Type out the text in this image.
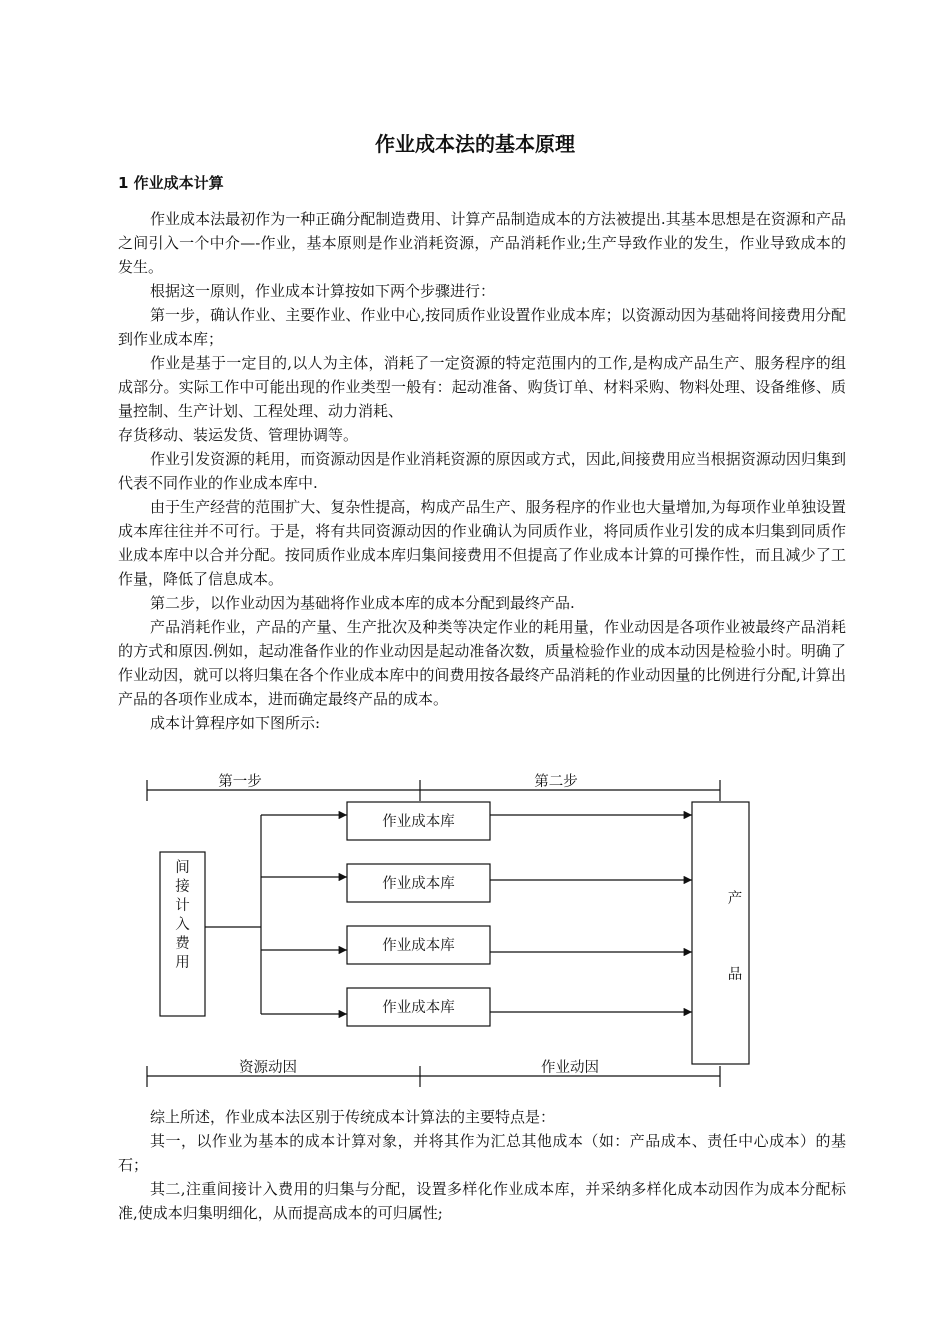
作业成本法的基本原理
1 作业成本计算

作业成本法最初作为一种正确分配制造费用、计算产品制造成本的方法被提出.其基本思想是在资源和产品之间引入一个中介—-作业，基本原则是作业消耗资源，产品消耗作业;生产导致作业的发生，作业导致成本的发生。

根据这一原则，作业成本计算按如下两个步骤进行：

第一步，确认作业、主要作业、作业中心,按同质作业设置作业成本库；以资源动因为基础将间接费用分配到作业成本库；

作业是基于一定目的,以人为主体，消耗了一定资源的特定范围内的工作,是构成产品生产、服务程序的组成部分。实际工作中可能出现的作业类型一般有：起动准备、购货订单、材料采购、物料处理、设备维修、质量控制、生产计划、工程处理、动力消耗、

存货移动、装运发货、管理协调等。

作业引发资源的耗用，而资源动因是作业消耗资源的原因或方式，因此,间接费用应当根据资源动因归集到代表不同作业的作业成本库中.

由于生产经营的范围扩大、复杂性提高，构成产品生产、服务程序的作业也大量增加,为每项作业单独设置成本库往往并不可行。于是，将有共同资源动因的作业确认为同质作业，将同质作业引发的成本归集到同质作业成本库中以合并分配。按同质作业成本库归集间接费用不但提高了作业成本计算的可操作性，而且减少了工作量，降低了信息成本。

第二步，以作业动因为基础将作业成本库的成本分配到最终产品.

产品消耗作业，产品的产量、生产批次及种类等决定作业的耗用量，作业动因是各项作业被最终产品消耗的方式和原因.例如，起动准备作业的作业动因是起动准备次数，质量检验作业的成本动因是检验小时。明确了作业动因，就可以将归集在各个作业成本库中的间费用按各最终产品消耗的作业动因量的比例进行分配,计算出产品的各项作业成本，进而确定最终产品的成本。

成本计算程序如下图所示:

第一步	第二步
间接计入费用
作业成本库
作业成本库
作业成本库
作业成本库
产
品
资源动因	作业动因

综上所述，作业成本法区别于传统成本计算法的主要特点是：

其一，以作业为基本的成本计算对象，并将其作为汇总其他成本（如：产品成本、责任中心成本）的基石；

其二,注重间接计入费用的归集与分配，设置多样化作业成本库，并采纳多样化成本动因作为成本分配标准,使成本归集明细化，从而提高成本的可归属性;
